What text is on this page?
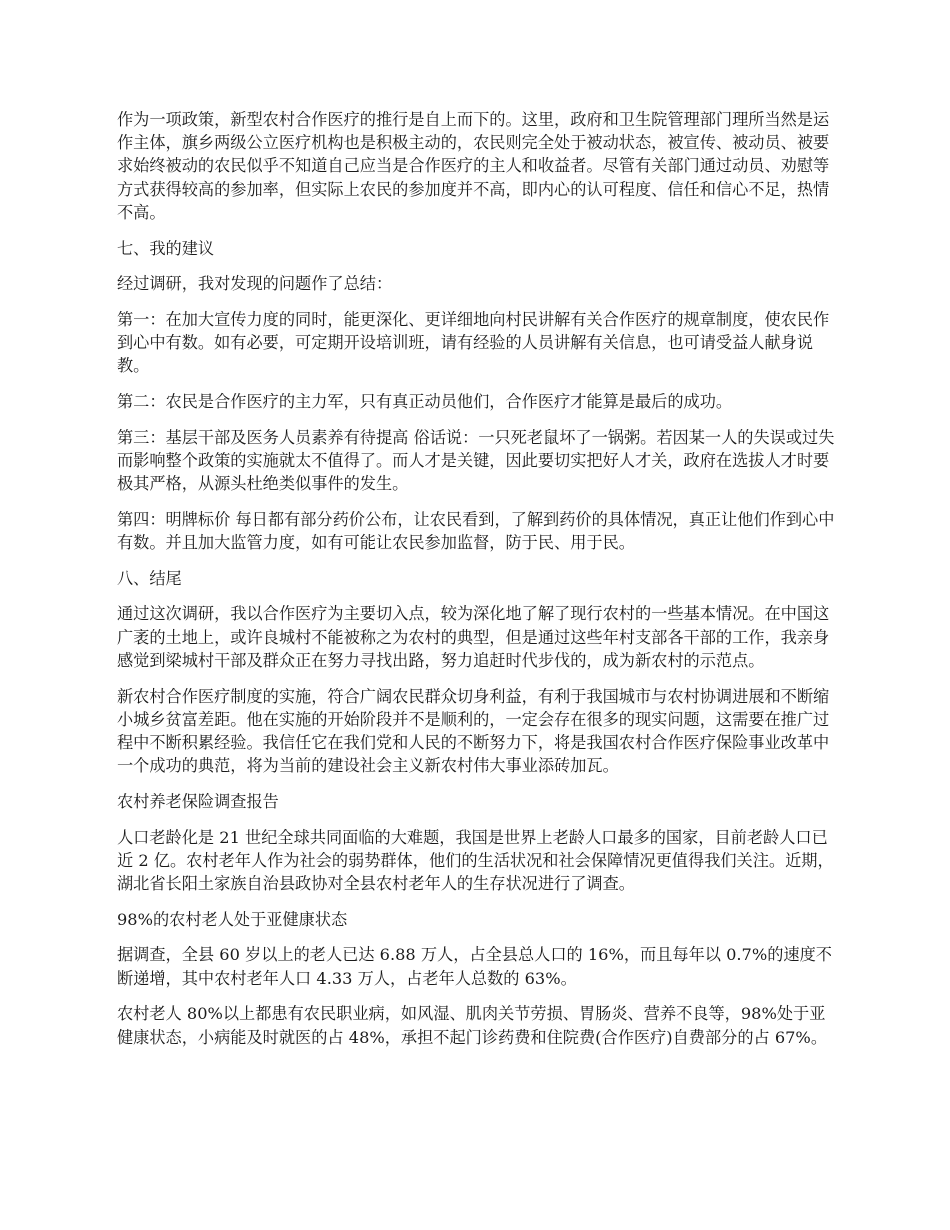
作为一项政策，新型农村合作医疗的推行是自上而下的。这里，政府和卫生院管理部门理所当然是运作主体，旗乡两级公立医疗机构也是积极主动的，农民则完全处于被动状态，被宣传、被动员、被要求始终被动的农民似乎不知道自己应当是合作医疗的主人和收益者。尽管有关部门通过动员、劝慰等方式获得较高的参加率，但实际上农民的参加度并不高，即内心的认可程度、信任和信心不足，热情不高。

七、我的建议

经过调研，我对发现的问题作了总结：

第一：在加大宣传力度的同时，能更深化、更详细地向村民讲解有关合作医疗的规章制度，使农民作到心中有数。如有必要，可定期开设培训班，请有经验的人员讲解有关信息，也可请受益人献身说教。

第二：农民是合作医疗的主力军，只有真正动员他们，合作医疗才能算是最后的成功。

第三：基层干部及医务人员素养有待提高 俗话说：一只死老鼠坏了一锅粥。若因某一人的失误或过失而影响整个政策的实施就太不值得了。而人才是关键，因此要切实把好人才关，政府在选拔人才时要极其严格，从源头杜绝类似事件的发生。

第四：明牌标价 每日都有部分药价公布，让农民看到，了解到药价的具体情况，真正让他们作到心中有数。并且加大监管力度，如有可能让农民参加监督，防于民、用于民。

八、结尾

通过这次调研，我以合作医疗为主要切入点，较为深化地了解了现行农村的一些基本情况。在中国这广袤的土地上，或许良城村不能被称之为农村的典型，但是通过这些年村支部各干部的工作，我亲身感觉到梁城村干部及群众正在努力寻找出路，努力追赶时代步伐的，成为新农村的示范点。

新农村合作医疗制度的实施，符合广阔农民群众切身利益，有利于我国城市与农村协调进展和不断缩小城乡贫富差距。他在实施的开始阶段并不是顺利的，一定会存在很多的现实问题，这需要在推广过程中不断积累经验。我信任它在我们党和人民的不断努力下，将是我国农村合作医疗保险事业改革中一个成功的典范，将为当前的建设社会主义新农村伟大事业添砖加瓦。

农村养老保险调查报告

人口老龄化是 21 世纪全球共同面临的大难题，我国是世界上老龄人口最多的国家，目前老龄人口已近 2 亿。农村老年人作为社会的弱势群体，他们的生活状况和社会保障情况更值得我们关注。近期，湖北省长阳土家族自治县政协对全县农村老年人的生存状况进行了调查。

98%的农村老人处于亚健康状态

据调查，全县 60 岁以上的老人已达 6.88 万人，占全县总人口的 16%，而且每年以 0.7%的速度不断递增，其中农村老年人口 4.33 万人，占老年人总数的 63%。

农村老人 80%以上都患有农民职业病，如风湿、肌肉关节劳损、胃肠炎、营养不良等，98%处于亚健康状态，小病能及时就医的占 48%，承担不起门诊药费和住院费(合作医疗)自费部分的占 67%。
